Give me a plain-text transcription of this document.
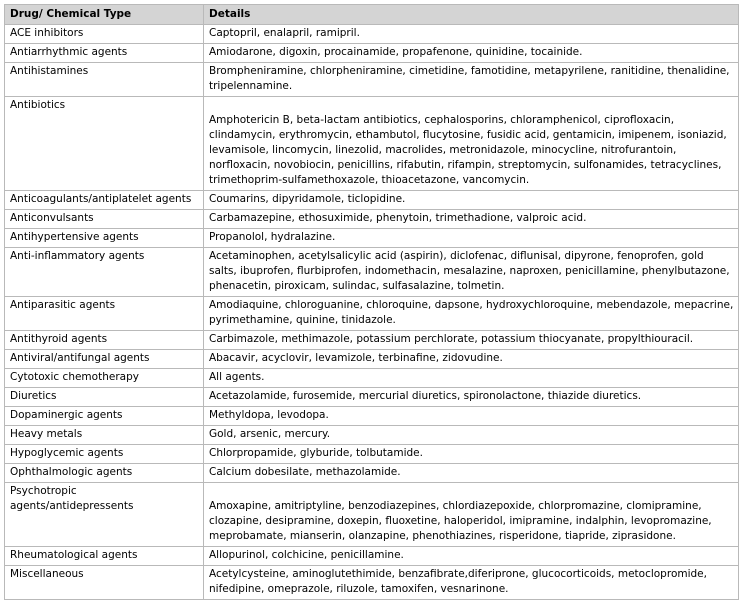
Drug/ Chemical Type	Details
ACE inhibitors	Captopril, enalapril, ramipril.
Antiarrhythmic agents	Amiodarone, digoxin, procainamide, propafenone, quinidine, tocainide.
Antihistamines	Brompheniramine, chlorpheniramine, cimetidine, famotidine, metapyrilene, ranitidine, thenalidine, tripelennamine.
Antibiotics	Amphotericin B, beta-lactam antibiotics, cephalosporins, chloramphenicol, ciprofloxacin, clindamycin, erythromycin, ethambutol, flucytosine, fusidic acid, gentamicin, imipenem, isoniazid, levamisole, lincomycin, linezolid, macrolides, metronidazole, minocycline, nitrofurantoin, norfloxacin, novobiocin, penicillins, rifabutin, rifampin, streptomycin, sulfonamides, tetracyclines, trimethoprim-sulfamethoxazole, thioacetazone, vancomycin.
Anticoagulants/antiplatelet agents	Coumarins, dipyridamole, ticlopidine.
Anticonvulsants	Carbamazepine, ethosuximide, phenytoin, trimethadione, valproic acid.
Antihypertensive agents	Propanolol, hydralazine.
Anti-inflammatory agents	Acetaminophen, acetylsalicylic acid (aspirin), diclofenac, diflunisal, dipyrone, fenoprofen, gold salts, ibuprofen, flurbiprofen, indomethacin, mesalazine, naproxen, penicillamine, phenylbutazone, phenacetin, piroxicam, sulindac, sulfasalazine, tolmetin.
Antiparasitic agents	Amodiaquine, chloroguanine, chloroquine, dapsone, hydroxychloroquine, mebendazole, mepacrine, pyrimethamine, quinine, tinidazole.
Antithyroid agents	Carbimazole, methimazole, potassium perchlorate, potassium thiocyanate, propylthiouracil.
Antiviral/antifungal agents	Abacavir, acyclovir, levamizole, terbinafine, zidovudine.
Cytotoxic chemotherapy	All agents.
Diuretics	Acetazolamide, furosemide, mercurial diuretics, spironolactone, thiazide diuretics.
Dopaminergic agents	Methyldopa, levodopa.
Heavy metals	Gold, arsenic, mercury.
Hypoglycemic agents	Chlorpropamide, glyburide, tolbutamide.
Ophthalmologic agents	Calcium dobesilate, methazolamide.
Psychotropic agents/antidepressents	Amoxapine, amitriptyline, benzodiazepines, chlordiazepoxide, chlorpromazine, clomipramine, clozapine, desipramine, doxepin, fluoxetine, haloperidol, imipramine, indalphin, levopromazine, meprobamate, mianserin, olanzapine, phenothiazines, risperidone, tiapride, ziprasidone.
Rheumatological agents	Allopurinol, colchicine, penicillamine.
Miscellaneous	Acetylcysteine, aminoglutethimide, benzafibrate,diferiprone, glucocorticoids, metoclopromide, nifedipine, omeprazole, riluzole, tamoxifen, vesnarinone.
